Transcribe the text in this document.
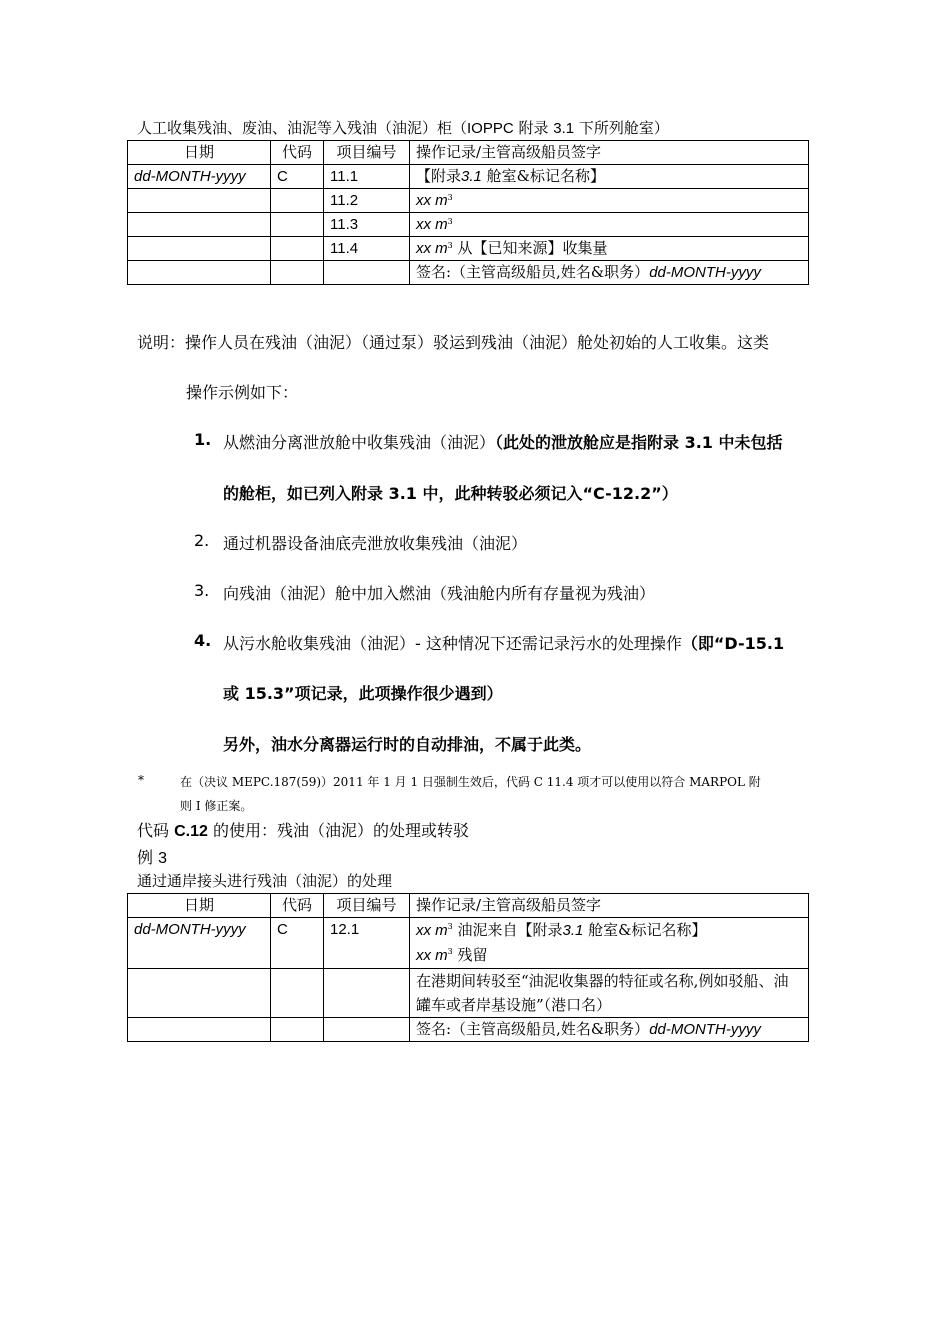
人工收集残油、废油、油泥等入残油（油泥）柜（IOPPC 附录 3.1 下所列舱室）
日期	代码	项目编号	操作记录/主管高级船员签字
dd-MONTH-yyyy	C	11.1	【附录3.1 舱室&标记名称】
		11.2	xx $m^3$
		11.3	xx $m^3$
		11.4	xx $m^3$ 从【已知来源】收集量
			签名:（主管高级船员,姓名&职务）dd-MONTH-yyyy
说明：操作人员在残油（油泥）（通过泵）驳运到残油（油泥）舱处初始的人工收集。这类
操作示例如下：
1. 从燃油分离泄放舱中收集残油（油泥）（此处的泄放舱应是指附录 3.1 中未包括
的舱柜，如已列入附录 3.1 中，此种转驳必须记入“C-12.2”）
2. 通过机器设备油底壳泄放收集残油（油泥）
3. 向残油（油泥）舱中加入燃油（残油舱内所有存量视为残油）
4. 从污水舱收集残油（油泥）- 这种情况下还需记录污水的处理操作（即“D-15.1
或 15.3”项记录，此项操作很少遇到）
另外，油水分离器运行时的自动排油，不属于此类。
*	在（决议 MEPC.187(59)）2011 年 1 月 1 日强制生效后，代码 C 11.4 项才可以使用以符合 MARPOL 附
则 I 修正案。
代码 C.12 的使用：残油（油泥）的处理或转驳
例 3
通过通岸接头进行残油（油泥）的处理
日期	代码	项目编号	操作记录/主管高级船员签字
dd-MONTH-yyyy	C	12.1	xx $m^3$ 油泥来自【附录3.1 舱室&标记名称】
xx $m^3$ 残留

			在港期间转驳至“油泥收集器的特征或名称,例如驳船、油罐车或者岸基设施”（港口名）
			签名:（主管高级船员,姓名&职务）dd-MONTH-yyyy
